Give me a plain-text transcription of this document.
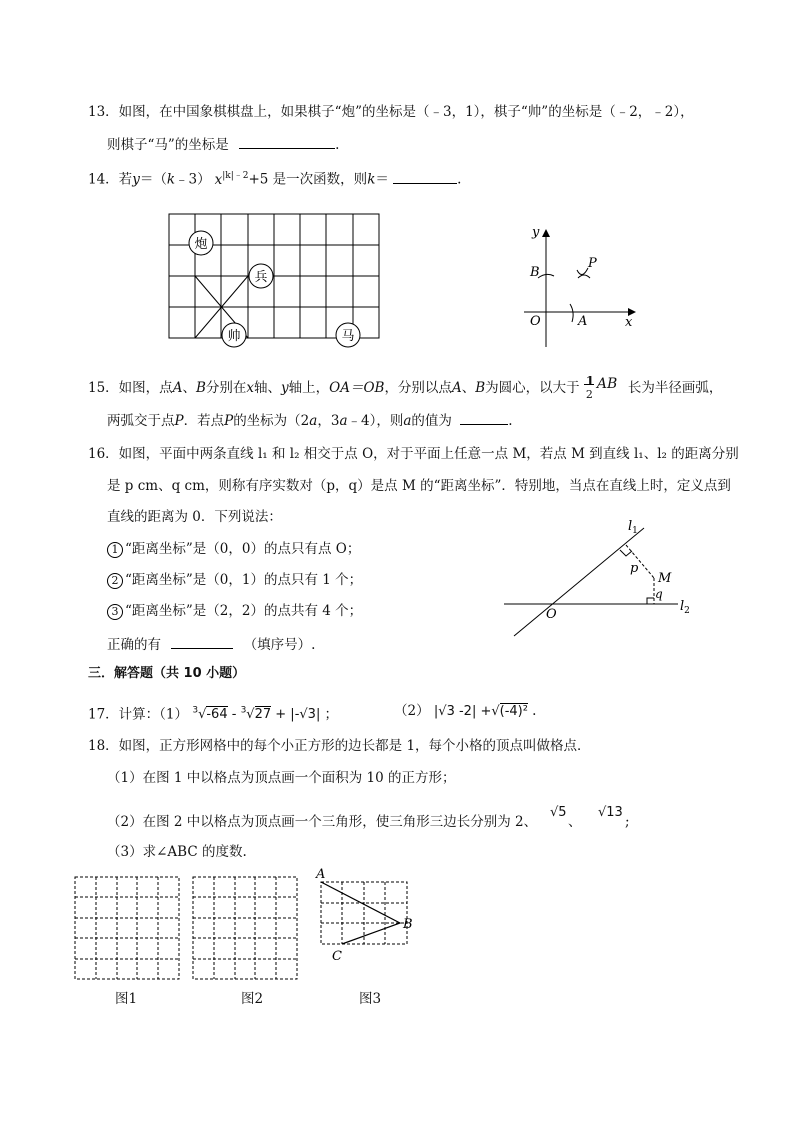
13．如图，在中国象棋棋盘上，如果棋子“炮”的坐标是（﹣3，1），棋子“帅”的坐标是（﹣2，﹣2），
则棋子“马”的坐标是	.
14．若y＝（k﹣3） $x^{|k|﹣2}+5$ 是一次函数，则k＝	.
炮
兵
帅	马
y
x
O	A
B
P
15．如图，点A、B分别在x轴、y轴上，OA＝OB，分别以点A、B为圆心，以大于 1
2
AB 长为半径画弧，
两弧交于点P．若点P的坐标为（2a，3a﹣4），则a的值为	.
16．如图，平面中两条直线 l₁ 和 l₂ 相交于点 O，对于平面上任意一点 M，若点 M 到直线 l₁、l₂ 的距离分别
是 p cm、q cm，则称有序实数对（p，q）是点 M 的“距离坐标”．特别地，当点在直线上时，定义点到
直线的距离为 0．下列说法：
1 “距离坐标”是（0，0）的点只有点 O；
2 “距离坐标”是（0，1）的点只有 1 个；
3 “距离坐标”是（2，2）的点共有 4 个；
正确的有	（填序号）.
$l_1$
$l_2$
p
M
q
O
三．解答题（共 10 小题）
17．计算：（1） $^3$√-64 - $^3$√27 + |-√3| ；	（2） |√3 -2| +√(-4)² .
18．如图，正方形网格中的每个小正方形的边长都是 1，每个小格的顶点叫做格点．
（1）在图 1 中以格点为顶点画一个面积为 10 的正方形；
（2）在图 2 中以格点为顶点画一个三角形，使三角形三边长分别为 2、
√5
、
√13
;
（3）求∠ABC 的度数.
A
B
C
图1	图2	图3
